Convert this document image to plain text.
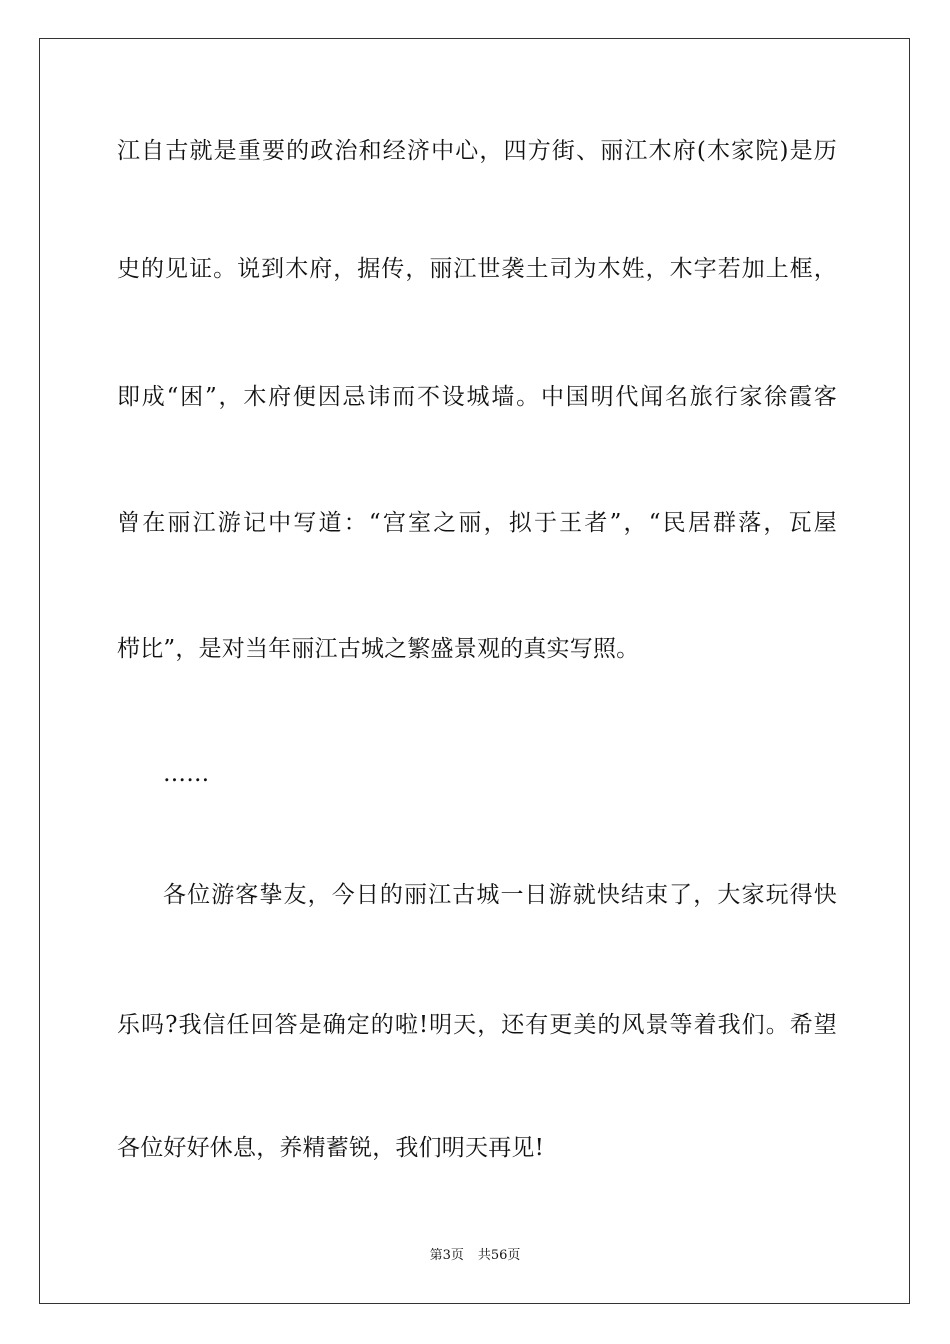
江自古就是重要的政治和经济中心，四方街、丽江木府(木家院)是历
史的见证。说到木府，据传，丽江世袭土司为木姓，木字若加上框，
即成“困”，木府便因忌讳而不设城墙。中国明代闻名旅行家徐霞客
曾在丽江游记中写道：“宫室之丽，拟于王者”，“民居群落，瓦屋
栉比”，是对当年丽江古城之繁盛景观的真实写照。
……
各位游客挚友，今日的丽江古城一日游就快结束了，大家玩得快
乐吗?我信任回答是确定的啦!明天，还有更美的风景等着我们。希望
各位好好休息，养精蓄锐，我们明天再见!
第3页 共56页
